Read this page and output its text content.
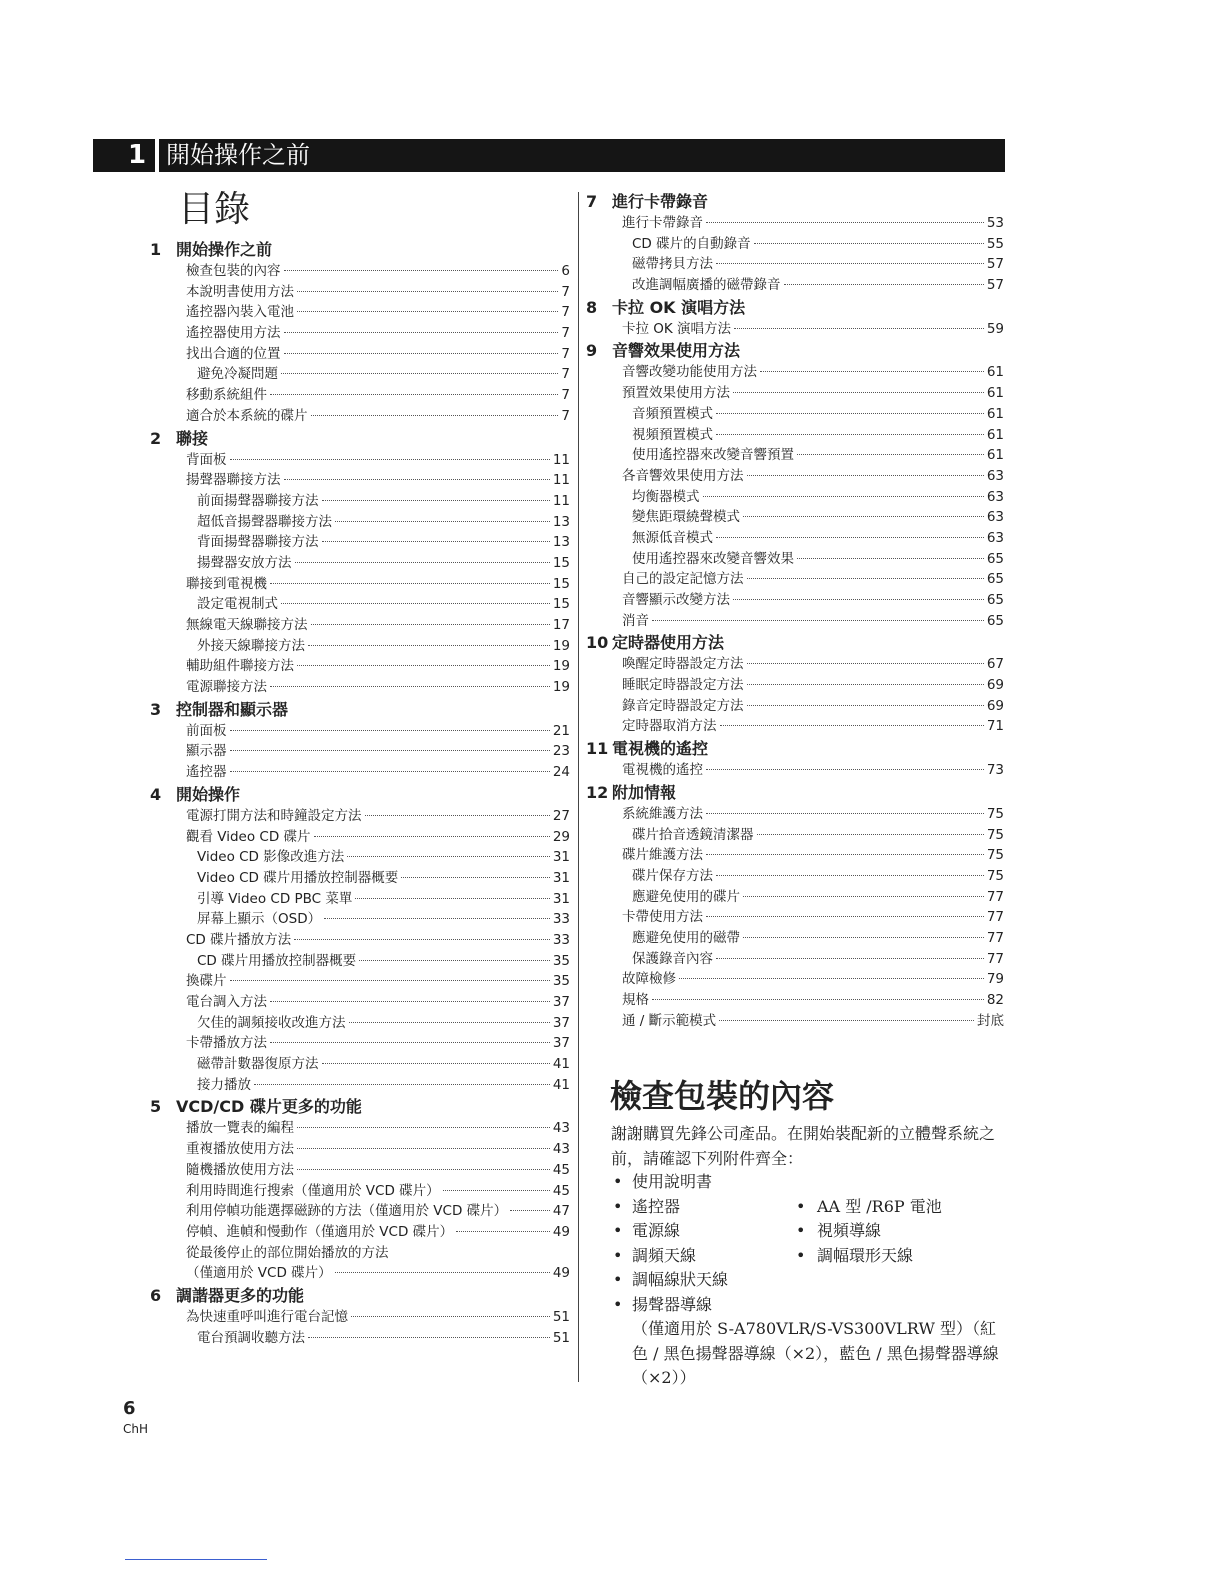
1 開始操作之前
目錄
1 開始操作之前
檢查包裝的內容	6
本說明書使用方法	7
遙控器內裝入電池	7
遙控器使用方法	7
找出合適的位置	7
避免冷凝問題	7
移動系統組件	7
適合於本系統的碟片	7
2 聯接
背面板	11
揚聲器聯接方法	11
前面揚聲器聯接方法	11
超低音揚聲器聯接方法	13
背面揚聲器聯接方法	13
揚聲器安放方法	15
聯接到電視機	15
設定電視制式	15
無線電天線聯接方法	17
外接天線聯接方法	19
輔助組件聯接方法	19
電源聯接方法	19
3 控制器和顯示器
前面板	21
顯示器	23
遙控器	24
4 開始操作
電源打開方法和時鐘設定方法	27
觀看 Video CD 碟片	29
Video CD 影像改進方法	31
Video CD 碟片用播放控制器概要	31
引導 Video CD PBC 菜單	31
屏幕上顯示（OSD）	33
CD 碟片播放方法	33
CD 碟片用播放控制器概要	35
換碟片	35
電台調入方法	37
欠佳的調頻接收改進方法	37
卡帶播放方法	37
磁帶計數器復原方法	41
接力播放	41
5 VCD/CD 碟片更多的功能
播放一覽表的編程	43
重複播放使用方法	43
隨機播放使用方法	45
利用時間進行搜索（僅適用於 VCD 碟片）	45
利用停幀功能選擇磁跡的方法（僅適用於 VCD 碟片）	47
停幀、進幀和慢動作（僅適用於 VCD 碟片）	49
從最後停止的部位開始播放的方法
（僅適用於 VCD 碟片）	49
6 調諧器更多的功能
為快速重呼叫進行電台記憶	51
電台預調收聽方法	51
7 進行卡帶錄音
進行卡帶錄音	53
CD 碟片的自動錄音	55
磁帶拷貝方法	57
改進調幅廣播的磁帶錄音	57
8 卡拉 OK 演唱方法
卡拉 OK 演唱方法	59
9 音響效果使用方法
音響改變功能使用方法	61
預置效果使用方法	61
音頻預置模式	61
視頻預置模式	61
使用遙控器來改變音響預置	61
各音響效果使用方法	63
均衡器模式	63
變焦距環繞聲模式	63
無源低音模式	63
使用遙控器來改變音響效果	65
自己的設定記憶方法	65
音響顯示改變方法	65
消音	65
10 定時器使用方法
喚醒定時器設定方法	67
睡眠定時器設定方法	69
錄音定時器設定方法	69
定時器取消方法	71
11 電視機的遙控
電視機的遙控	73
12 附加情報
系統維護方法	75
碟片拾音透鏡清潔器	75
碟片維護方法	75
碟片保存方法	75
應避免使用的碟片	77
卡帶使用方法	77
應避免使用的磁帶	77
保護錄音內容	77
故障檢修	79
規格	82
通 / 斷示範模式	封底
檢查包裝的內容

謝謝購買先鋒公司產品。在開始裝配新的立體聲系統之前，請確認下列附件齊全：

• 使用說明書
• 遙控器	• AA 型 /R6P 電池
• 電源線	• 視頻導線
• 調頻天線	• 調幅環形天線
• 調幅線狀天線
• 揚聲器導線
（僅適用於 S-A780VLR/S-VS300VLRW 型）（紅色 / 黑色揚聲器導線（×2），藍色 / 黑色揚聲器導線（×2））
6
ChH
